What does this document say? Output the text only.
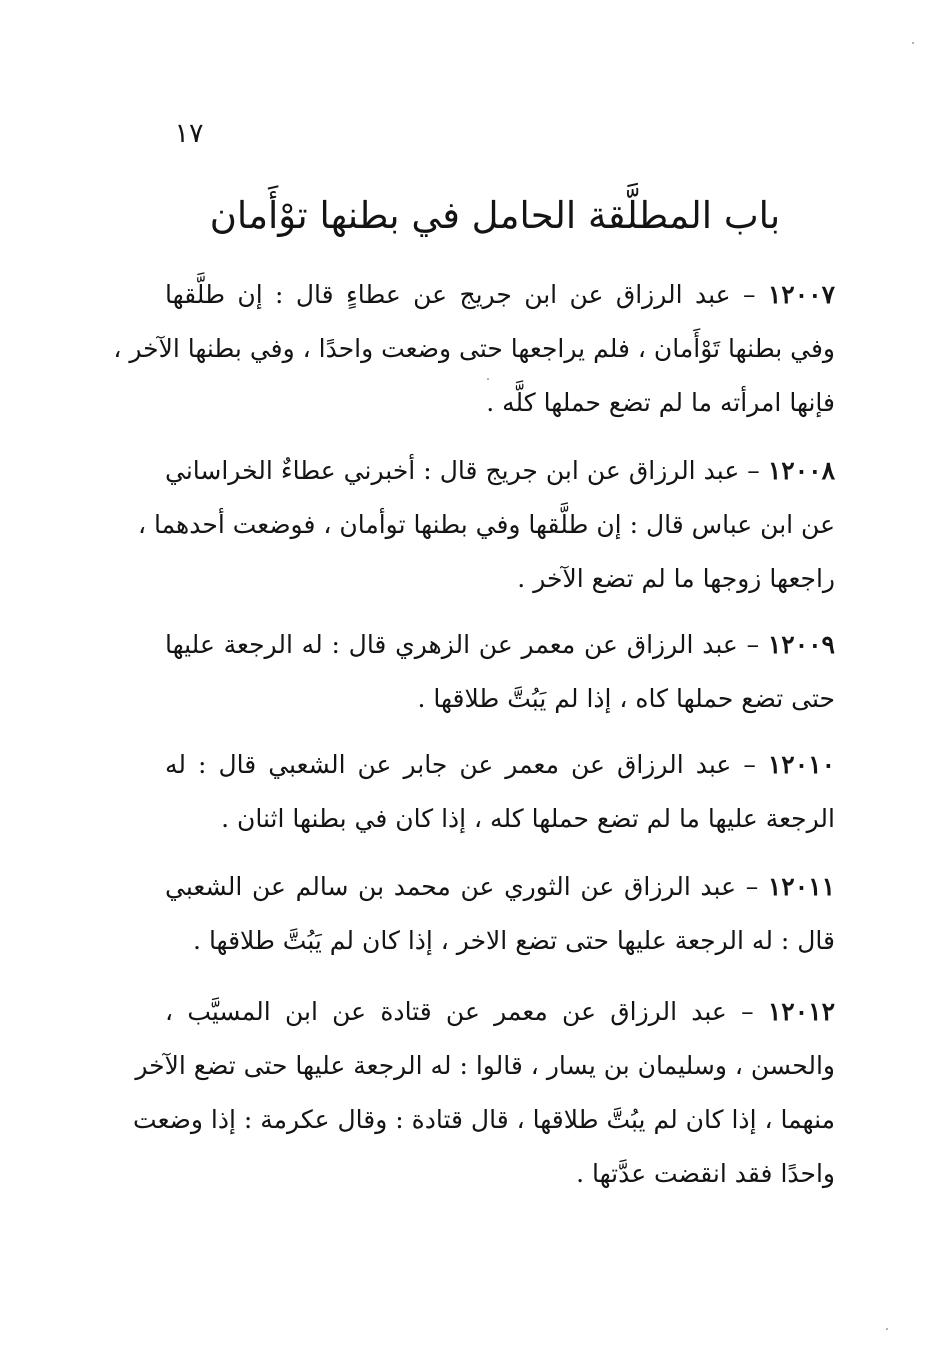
١٧
باب المطلَّقة الحامل في بطنها توْأَمان
١٢٠٠٧ – عبد الرزاق عن ابن جريج عن عطاءٍ قال : إن طلَّقها
وفي بطنها تَوْأَمان ، فلم يراجعها حتى وضعت واحدًا ، وفي بطنها الآخر ،
فإنها امرأته ما لم تضع حملها كلَّه .
١٢٠٠٨ – عبد الرزاق عن ابن جريج قال : أخبرني عطاءٌ الخراساني
عن ابن عباس قال : إن طلَّقها وفي بطنها توأمان ، فوضعت أحدهما ،
راجعها زوجها ما لم تضع الآخر .
١٢٠٠٩ – عبد الرزاق عن معمر عن الزهري قال : له الرجعة عليها
حتى تضع حملها كاه ، إذا لم يَبُتَّ طلاقها .
١٢٠١٠ – عبد الرزاق عن معمر عن جابر عن الشعبي قال : له
الرجعة عليها ما لم تضع حملها كله ، إذا كان في بطنها اثنان .
١٢٠١١ – عبد الرزاق عن الثوري عن محمد بن سالم عن الشعبي
قال : له الرجعة عليها حتى تضع الاخر ، إذا كان لم يَبُتَّ طلاقها .
١٢٠١٢ – عبد الرزاق عن معمر عن قتادة عن ابن المسيَّب ،
والحسن ، وسليمان بن يسار ، قالوا : له الرجعة عليها حتى تضع الآخر
منهما ، إذا كان لم يبُتَّ طلاقها ، قال قتادة : وقال عكرمة : إذا وضعت
واحدًا فقد انقضت عدَّتها .
